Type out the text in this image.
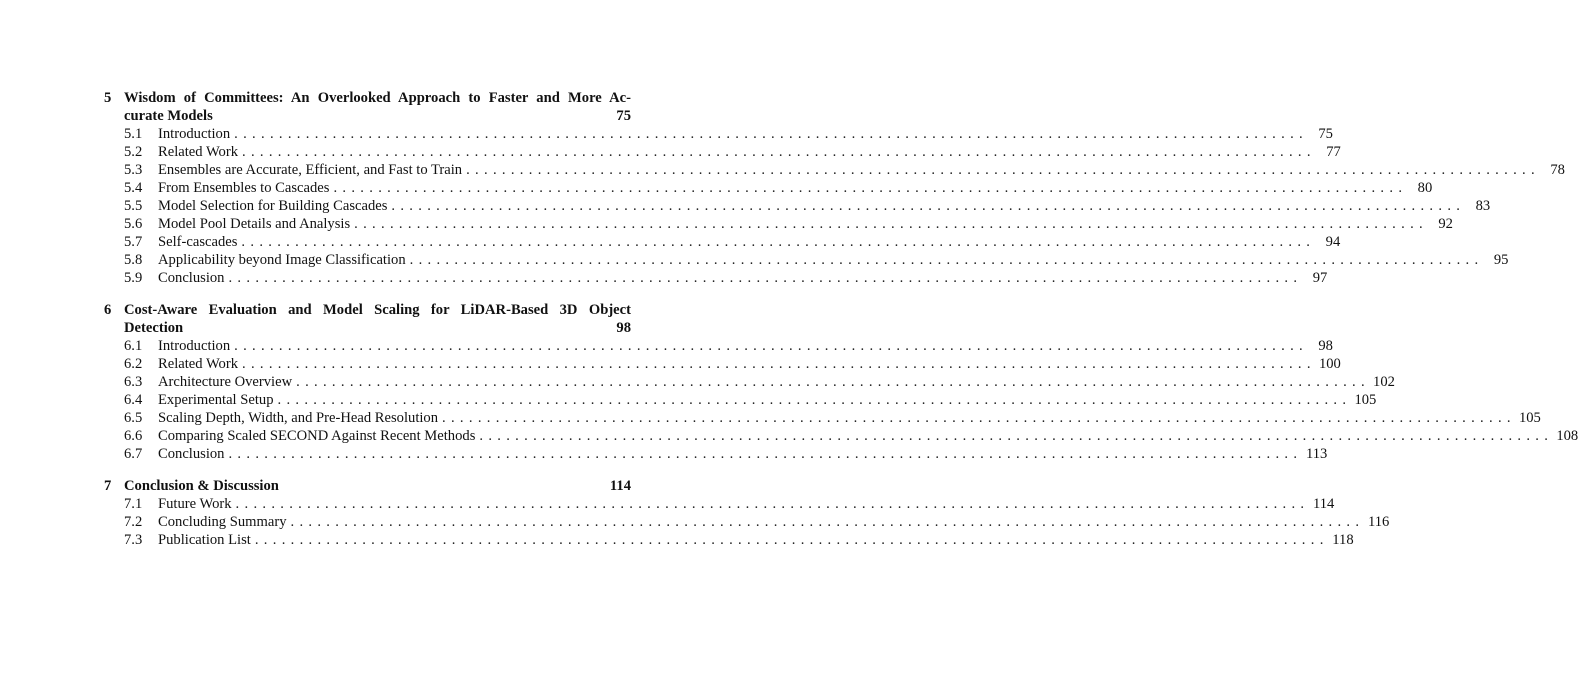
5 Wisdom of Committees: An Overlooked Approach to Faster and More Ac-
curate Models	75
5.1	Introduction ........................................................................................................................ 75
5.2	Related Work ........................................................................................................................ 77
5.3	Ensembles are Accurate, Efficient, and Fast to Train ........................................................................................................................ 78
5.4	From Ensembles to Cascades ........................................................................................................................ 80
5.5	Model Selection for Building Cascades ........................................................................................................................ 83
5.6	Model Pool Details and Analysis ........................................................................................................................ 92
5.7	Self-cascades ........................................................................................................................ 94
5.8	Applicability beyond Image Classification ........................................................................................................................ 95
5.9	Conclusion ........................................................................................................................ 97
6 Cost-Aware Evaluation and Model Scaling for LiDAR-Based 3D Object
Detection	98
6.1	Introduction ........................................................................................................................ 98
6.2	Related Work ........................................................................................................................ 100
6.3	Architecture Overview ........................................................................................................................ 102
6.4	Experimental Setup ........................................................................................................................ 105
6.5	Scaling Depth, Width, and Pre-Head Resolution ........................................................................................................................ 105
6.6	Comparing Scaled SECOND Against Recent Methods ........................................................................................................................ 108
6.7	Conclusion ........................................................................................................................ 113
7 Conclusion & Discussion	114
7.1	Future Work ........................................................................................................................ 114
7.2	Concluding Summary ........................................................................................................................ 116
7.3	Publication List ........................................................................................................................ 118
